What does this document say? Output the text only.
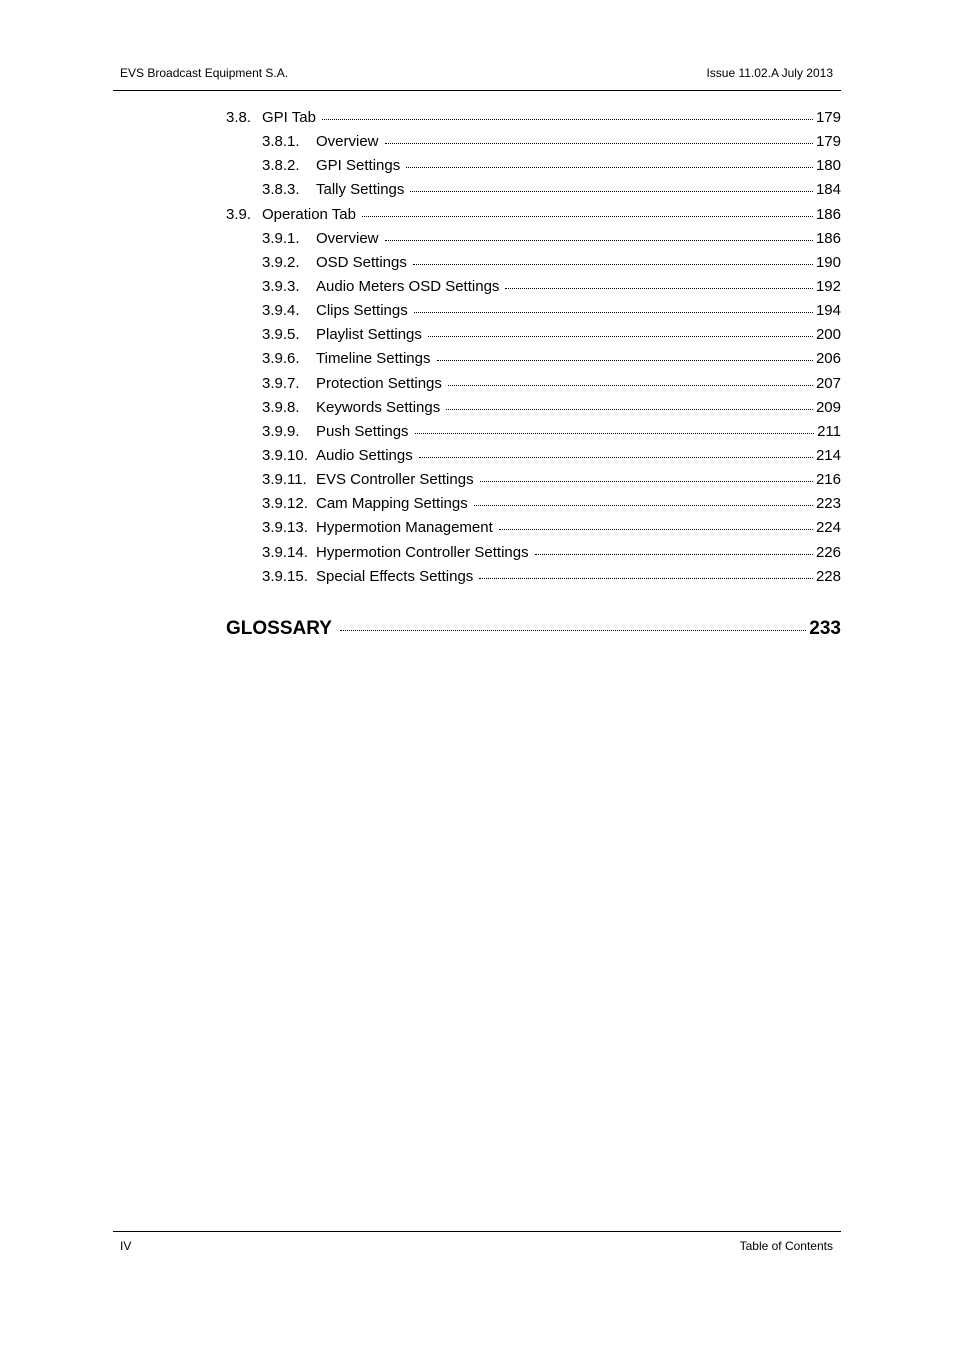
EVS Broadcast Equipment S.A.	Issue 11.02.A July 2013
3.8. GPI Tab	179
3.8.1.	Overview	179
3.8.2.	GPI Settings	180
3.8.3.	Tally Settings	184
3.9. Operation Tab	186
3.9.1.	Overview	186
3.9.2.	OSD Settings	190
3.9.3.	Audio Meters OSD Settings	192
3.9.4.	Clips Settings	194
3.9.5.	Playlist Settings	200
3.9.6.	Timeline Settings	206
3.9.7.	Protection Settings	207
3.9.8.	Keywords Settings	209
3.9.9.	Push Settings	211
3.9.10. Audio Settings	214
3.9.11. EVS Controller Settings	216
3.9.12. Cam Mapping Settings	223
3.9.13. Hypermotion Management	224
3.9.14. Hypermotion Controller Settings	226
3.9.15. Special Effects Settings	228
GLOSSARY	233
IV	Table of Contents
